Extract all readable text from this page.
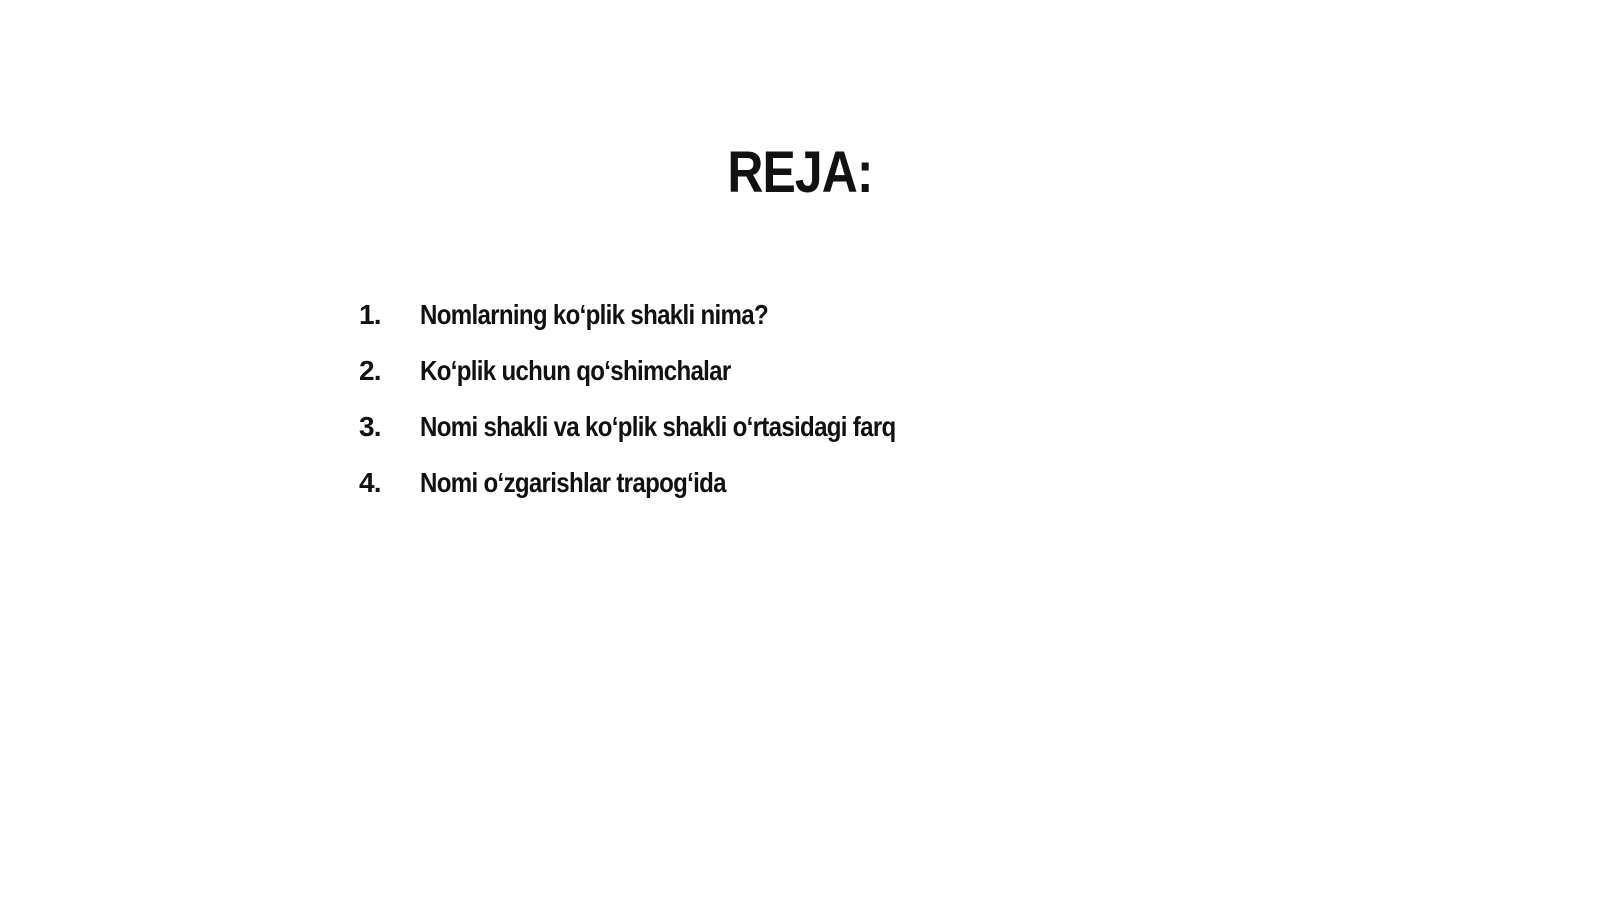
REJA:
1.	Nomlarning ko‘plik shakli nima?
2.	Ko‘plik uchun qo‘shimchalar
3.	Nomi shakli va ko‘plik shakli o‘rtasidagi farq
4.	Nomi o‘zgarishlar trapog‘ida
